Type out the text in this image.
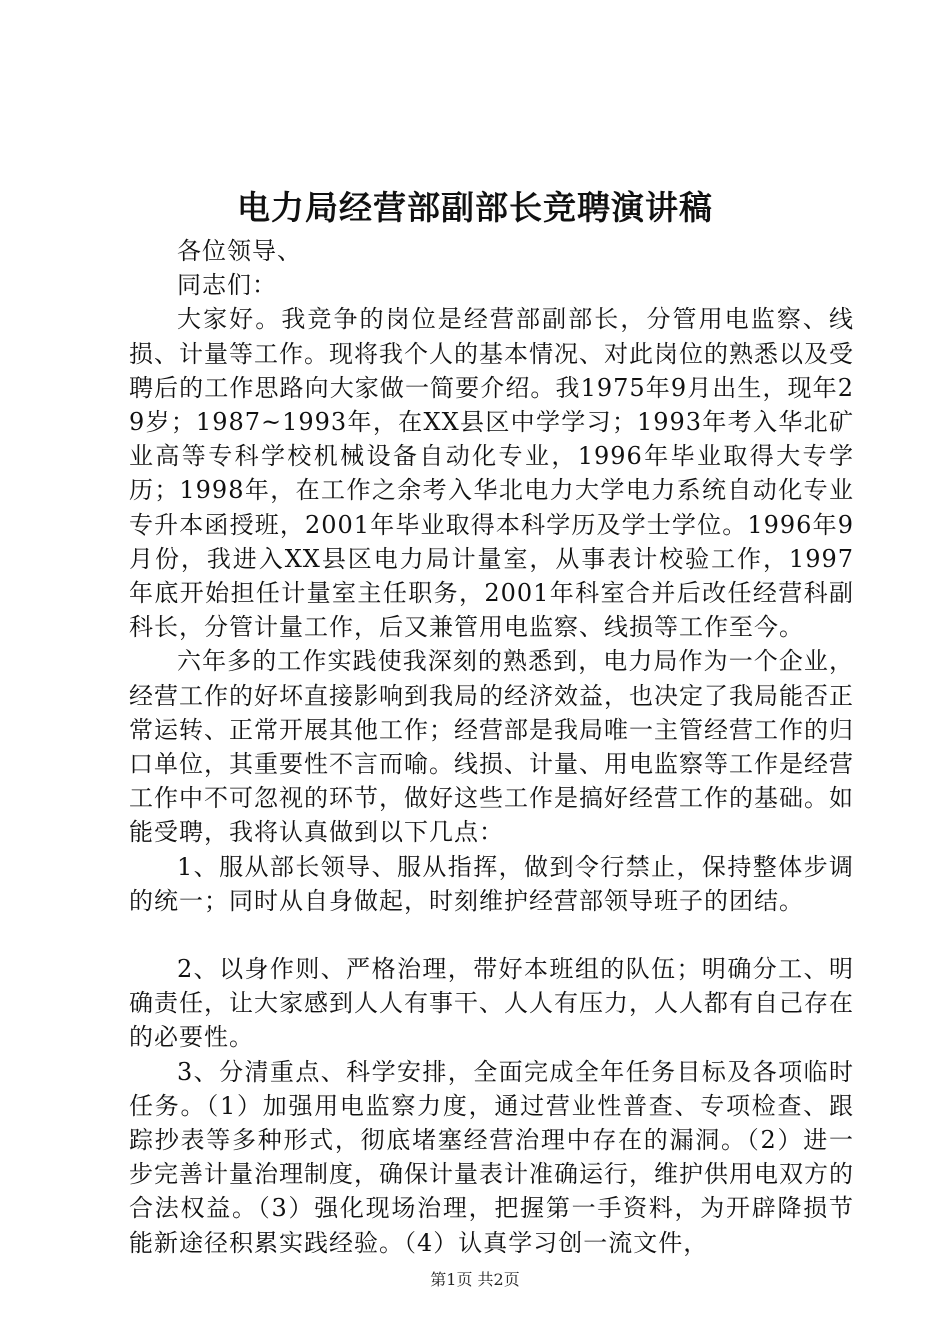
电力局经营部副部长竞聘演讲稿

各位领导、

同志们：

大家好。我竞争的岗位是经营部副部长，分管用电监察、线损、计量等工作。现将我个人的基本情况、对此岗位的熟悉以及受聘后的工作思路向大家做一简要介绍。我1975年9月出生，现年29岁；1987~1993年，在XX县区中学学习；1993年考入华北矿业高等专科学校机械设备自动化专业，1996年毕业取得大专学历；1998年，在工作之余考入华北电力大学电力系统自动化专业专升本函授班，2001年毕业取得本科学历及学士学位。1996年9月份，我进入XX县区电力局计量室，从事表计校验工作，1997年底开始担任计量室主任职务，2001年科室合并后改任经营科副科长，分管计量工作，后又兼管用电监察、线损等工作至今。

六年多的工作实践使我深刻的熟悉到，电力局作为一个企业，经营工作的好坏直接影响到我局的经济效益，也决定了我局能否正常运转、正常开展其他工作；经营部是我局唯一主管经营工作的归口单位，其重要性不言而喻。线损、计量、用电监察等工作是经营工作中不可忽视的环节，做好这些工作是搞好经营工作的基础。如能受聘，我将认真做到以下几点：

1、服从部长领导、服从指挥，做到令行禁止，保持整体步调的统一；同时从自身做起，时刻维护经营部领导班子的团结。

2、以身作则、严格治理，带好本班组的队伍；明确分工、明确责任，让大家感到人人有事干、人人有压力，人人都有自己存在的必要性。

3、分清重点、科学安排，全面完成全年任务目标及各项临时任务。（1）加强用电监察力度，通过营业性普查、专项检查、跟踪抄表等多种形式，彻底堵塞经营治理中存在的漏洞。（2）进一步完善计量治理制度，确保计量表计准确运行，维护供用电双方的合法权益。（3）强化现场治理，把握第一手资料，为开辟降损节能新途径积累实践经验。（4）认真学习创一流文件，

第1页 共2页
